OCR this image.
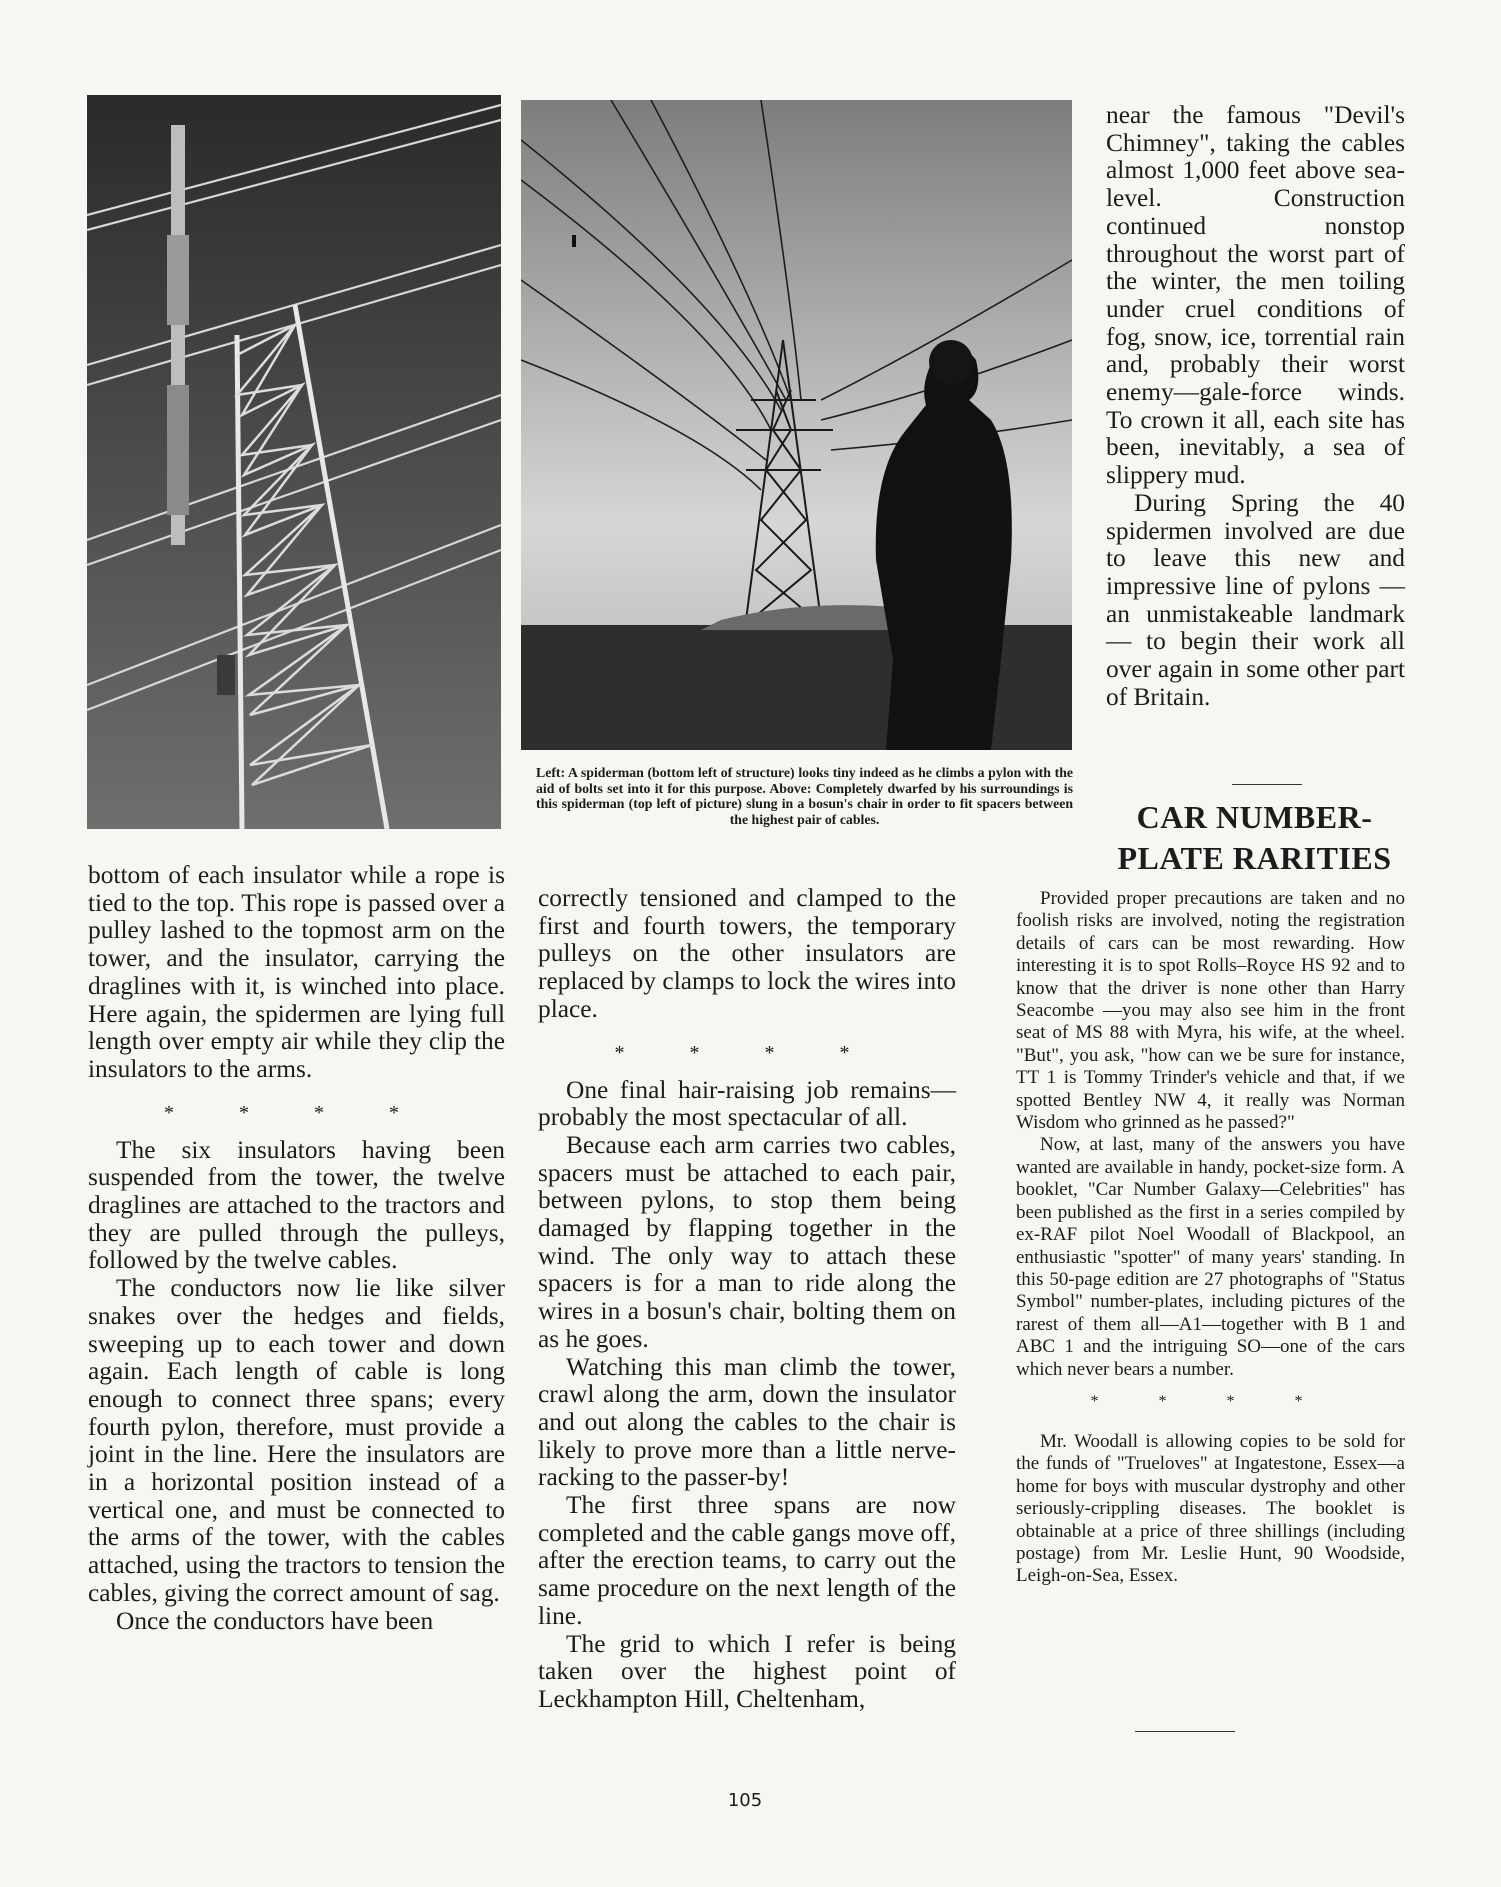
Left: A spiderman (bottom left of structure) looks tiny indeed as he climbs a pylon with the aid of bolts set into it for this purpose. Above: Completely dwarfed by his surroundings is this spiderman (top left of picture) slung in a bosun's chair in order to fit spacers between the highest pair of cables.

bottom of each insulator while a rope is tied to the top. This rope is passed over a pulley lashed to the topmost arm on the tower, and the insulator, carrying the draglines with it, is winched into place. Here again, the spidermen are lying full length over empty air while they clip the insulators to the arms.

* * * *

The six insulators having been suspended from the tower, the twelve draglines are attached to the tractors and they are pulled through the pulleys, followed by the twelve cables.

The conductors now lie like silver snakes over the hedges and fields, sweeping up to each tower and down again. Each length of cable is long enough to connect three spans; every fourth pylon, therefore, must provide a joint in the line. Here the insulators are in a horizontal position instead of a vertical one, and must be connected to the arms of the tower, with the cables attached, using the tractors to tension the cables, giving the correct amount of sag.

Once the conductors have been

correctly tensioned and clamped to the first and fourth towers, the temporary pulleys on the other insulators are replaced by clamps to lock the wires into place.

* * * *

One final hair-raising job remains—probably the most spectacular of all.

Because each arm carries two cables, spacers must be attached to each pair, between pylons, to stop them being damaged by flapping together in the wind. The only way to attach these spacers is for a man to ride along the wires in a bosun's chair, bolting them on as he goes.

Watching this man climb the tower, crawl along the arm, down the insulator and out along the cables to the chair is likely to prove more than a little nerve-racking to the passer-by!

The first three spans are now completed and the cable gangs move off, after the erection teams, to carry out the same procedure on the next length of the line.

The grid to which I refer is being taken over the highest point of Leckhampton Hill, Cheltenham,

near the famous "Devil's Chimney", taking the cables almost 1,000 feet above sea-level. Construction continued nonstop throughout the worst part of the winter, the men toiling under cruel conditions of fog, snow, ice, torrential rain and, probably their worst enemy—gale-force winds. To crown it all, each site has been, inevitably, a sea of slippery mud.

During Spring the 40 spidermen involved are due to leave this new and impressive line of pylons —an unmistakeable landmark — to begin their work all over again in some other part of Britain.

CAR NUMBER-PLATE RARITIES

Provided proper precautions are taken and no foolish risks are involved, noting the registration details of cars can be most rewarding. How interesting it is to spot Rolls–Royce HS 92 and to know that the driver is none other than Harry Seacombe —you may also see him in the front seat of MS 88 with Myra, his wife, at the wheel. "But", you ask, "how can we be sure for instance, TT 1 is Tommy Trinder's vehicle and that, if we spotted Bentley NW 4, it really was Norman Wisdom who grinned as he passed?"

Now, at last, many of the answers you have wanted are available in handy, pocket-size form. A booklet, "Car Number Galaxy—Celebrities" has been published as the first in a series compiled by ex-RAF pilot Noel Woodall of Blackpool, an enthusiastic "spotter" of many years' standing. In this 50-page edition are 27 photographs of "Status Symbol" number-plates, including pictures of the rarest of them all—A1—together with B 1 and ABC 1 and the intriguing SO—one of the cars which never bears a number.

* * * *

Mr. Woodall is allowing copies to be sold for the funds of "Trueloves" at Ingatestone, Essex—a home for boys with muscular dystrophy and other seriously-crippling diseases. The booklet is obtainable at a price of three shillings (including postage) from Mr. Leslie Hunt, 90 Woodside, Leigh-on-Sea, Essex.

105
